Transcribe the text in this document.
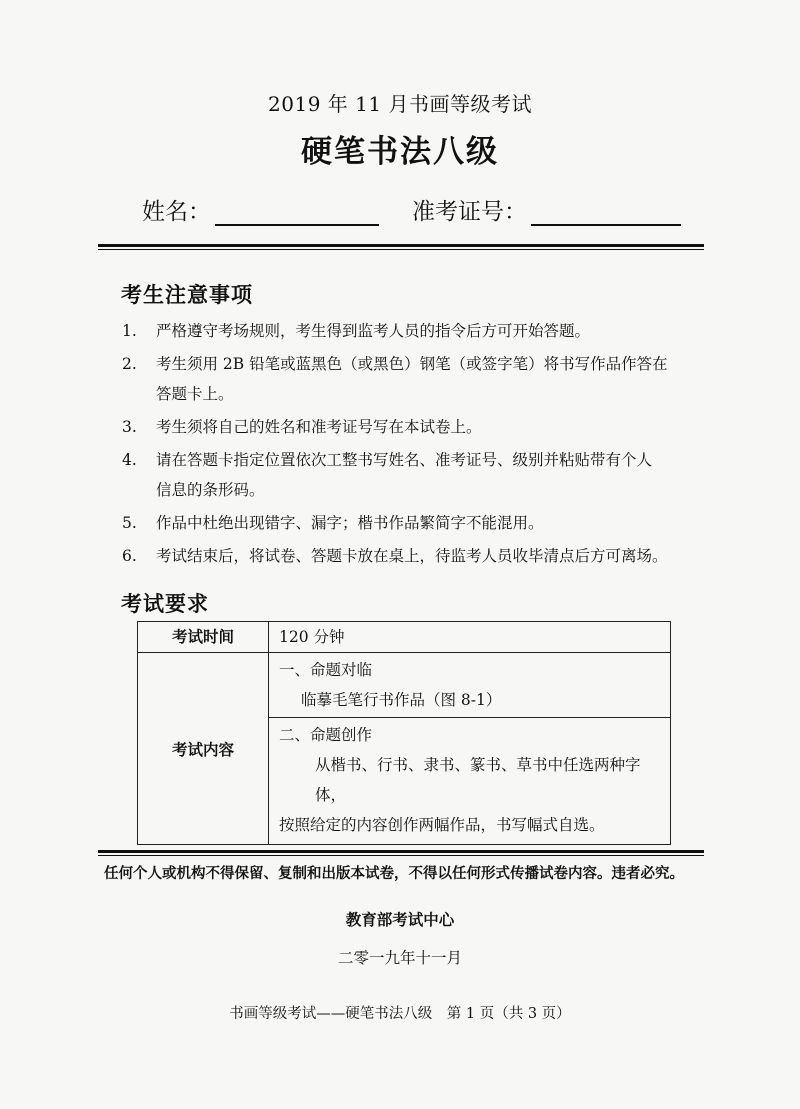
2019 年 11 月书画等级考试
硬笔书法八级
姓名：	准考证号：
考生注意事项
1. 严格遵守考场规则，考生得到监考人员的指令后方可开始答题。
2. 考生须用 2B 铅笔或蓝黑色（或黑色）钢笔（或签字笔）将书写作品作答在
答题卡上。
3. 考生须将自己的姓名和准考证号写在本试卷上。
4. 请在答题卡指定位置依次工整书写姓名、准考证号、级别并粘贴带有个人
信息的条形码。
5. 作品中杜绝出现错字、漏字；楷书作品繁简字不能混用。
6. 考试结束后，将试卷、答题卡放在桌上，待监考人员收毕清点后方可离场。
考试要求
考试时间	120 分钟
考试内容	一、命题对临
临摹毛笔行书作品（图 8-1）
二、命题创作
从楷书、行书、隶书、篆书、草书中任选两种字体，
按照给定的内容创作两幅作品，书写幅式自选。
任何个人或机构不得保留、复制和出版本试卷，不得以任何形式传播试卷内容。违者必究。
教育部考试中心
二零一九年十一月
书画等级考试——硬笔书法八级　第 1 页（共 3 页）
